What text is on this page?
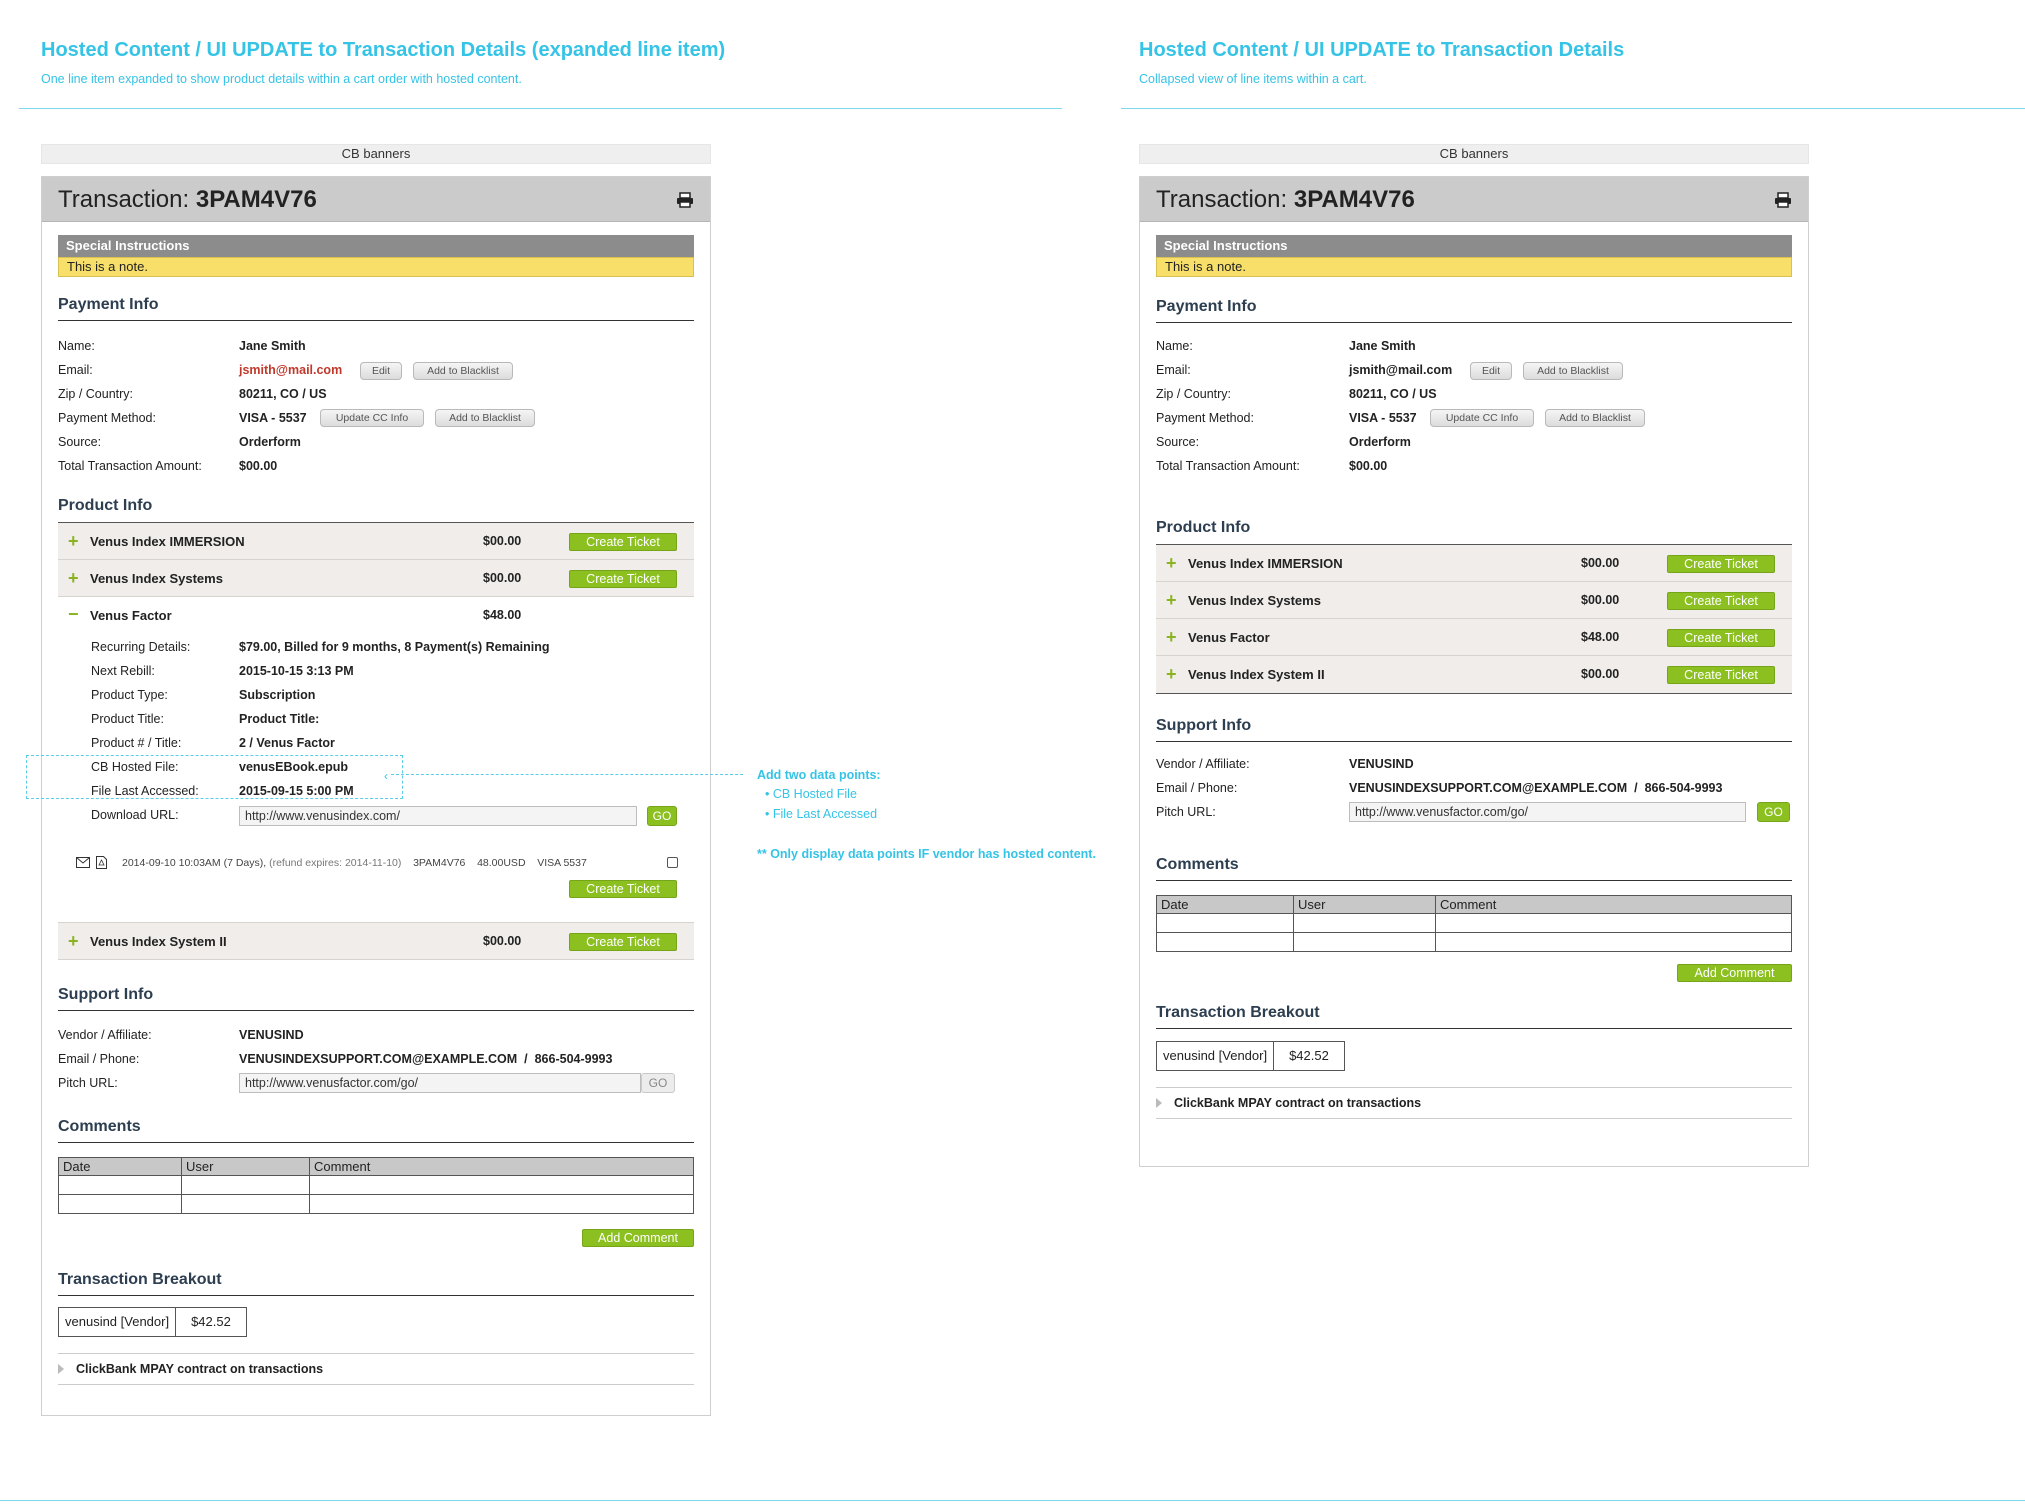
Hosted Content / UI UPDATE to Transaction Details (expanded line item)
One line item expanded to show product details within a cart order with hosted content.
Hosted Content / UI UPDATE to Transaction Details
Collapsed view of line items within a cart.
CB banners
Transaction: 3PAM4V76
Special Instructions
This is a note.
Payment Info
Name:	Jane Smith
Email:	jsmith@mail.com	Edit	Add to Blacklist
Zip / Country:	80211, CO / US
Payment Method:	VISA - 5537	Update CC Info	Add to Blacklist
Source:	Orderform
Total Transaction Amount:	$00.00
Product Info
+ Venus Index IMMERSION	$00.00	Create Ticket
+ Venus Index Systems	$00.00	Create Ticket
− Venus Factor	$48.00
Recurring Details:	$79.00, Billed for 9 months, 8 Payment(s) Remaining
Next Rebill:	2015-10-15 3:13 PM
Product Type:	Subscription
Product Title:	Product Title:
Product # / Title:	2 / Venus Factor
CB Hosted File:	venusEBook.epub
File Last Accessed:	2015-09-15 5:00 PM
Download URL:	http://www.venusindex.com/	GO
2014-09-10 10:03AM (7 Days), (refund expires: 2014-11-10) 3PAM4V76 48.00USD VISA 5537
Create Ticket
+ Venus Index System II	$00.00	Create Ticket
Support Info
Vendor / Affiliate:	VENUSIND
Email / Phone:	VENUSINDEXSUPPORT.COM@EXAMPLE.COM / 866-504-9993
Pitch URL:	http://www.venusfactor.com/go/	GO
Comments
Date	User	Comment

Add Comment
Transaction Breakout
venusind [Vendor]	$42.52
ClickBank MPAY contract on transactions
‹	Add two data points:
• CB Hosted File
• File Last Accessed
** Only display data points IF vendor has hosted content.
CB banners
Transaction: 3PAM4V76
Special Instructions
This is a note.
Payment Info
Name:	Jane Smith
Email:	jsmith@mail.com	Edit	Add to Blacklist
Zip / Country:	80211, CO / US
Payment Method:	VISA - 5537	Update CC Info	Add to Blacklist
Source:	Orderform
Total Transaction Amount:	$00.00
Product Info
+ Venus Index IMMERSION	$00.00	Create Ticket
+ Venus Index Systems	$00.00	Create Ticket
+ Venus Factor	$48.00	Create Ticket
+ Venus Index System II	$00.00	Create Ticket
Support Info
Vendor / Affiliate:	VENUSIND
Email / Phone:	VENUSINDEXSUPPORT.COM@EXAMPLE.COM / 866-504-9993
Pitch URL:	http://www.venusfactor.com/go/	GO
Comments
Date	User	Comment

Add Comment
Transaction Breakout
venusind [Vendor]	$42.52
ClickBank MPAY contract on transactions
